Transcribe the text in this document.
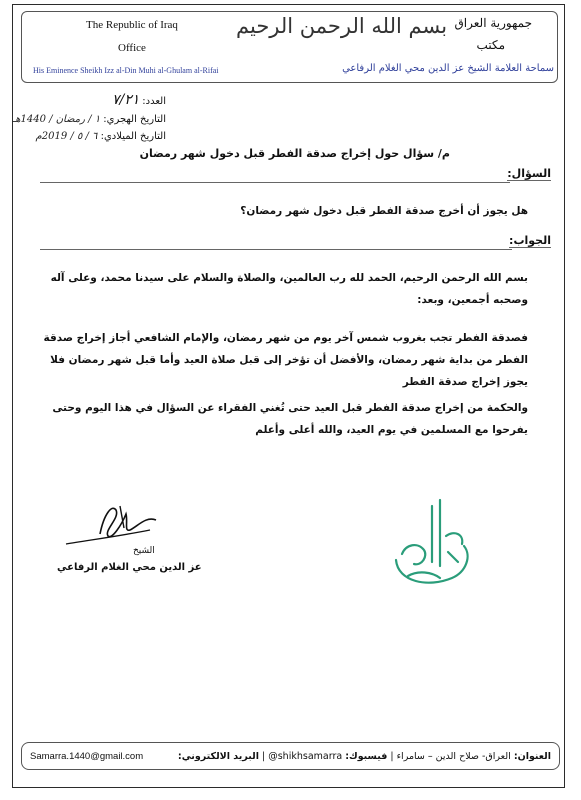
The Republic of Iraq
Office
His Eminence Sheikh Izz al-Din Muhi al-Ghulam al-Rifai
جمهورية العراق
مكتب
سماحة العلامة الشيخ عز الدين محي الغلام الرفاعي
بسم الله الرحمن الرحيم
٧/٢١ العدد:
التاريخ الهجري: ١ / رمضان / 1440هـ
التاريخ الميلادي: ٦ / ٥ / 2019م
م/ سؤال حول إخراج صدقة الفطر قبل دخول شهر رمضان
السؤال:
هل يجوز أن أخرج صدقة الفطر قبل دخول شهر رمضان؟
الجواب:
بسم الله الرحمن الرحيم، الحمد لله رب العالمين، والصلاة والسلام على سيدنا محمد، وعلى آله وصحبه أجمعين، وبعد:
فصدقة الفطر تجب بغروب شمس آخر يوم من شهر رمضان، والإمام الشافعي أجاز إخراج صدقة الفطر من بداية شهر رمضان، والأفضل أن تؤخر إلى قبل صلاة العيد وأما قبل شهر رمضان فلا يجوز إخراج صدقة الفطر
والحكمة من إخراج صدقة الفطر قبل العيد حتى تُغني الفقراء عن السؤال في هذا اليوم وحتى يفرحوا مع المسلمين في يوم العيد، والله أعلى وأعلم
الشيخ
عز الدين محي الغلام الرفاعي
Samarra.1440@gmail.com	العنوان: العراق- صلاح الدين – سامراء | فيسبوك: @shikhsamarra | البريد الالكتروني:
